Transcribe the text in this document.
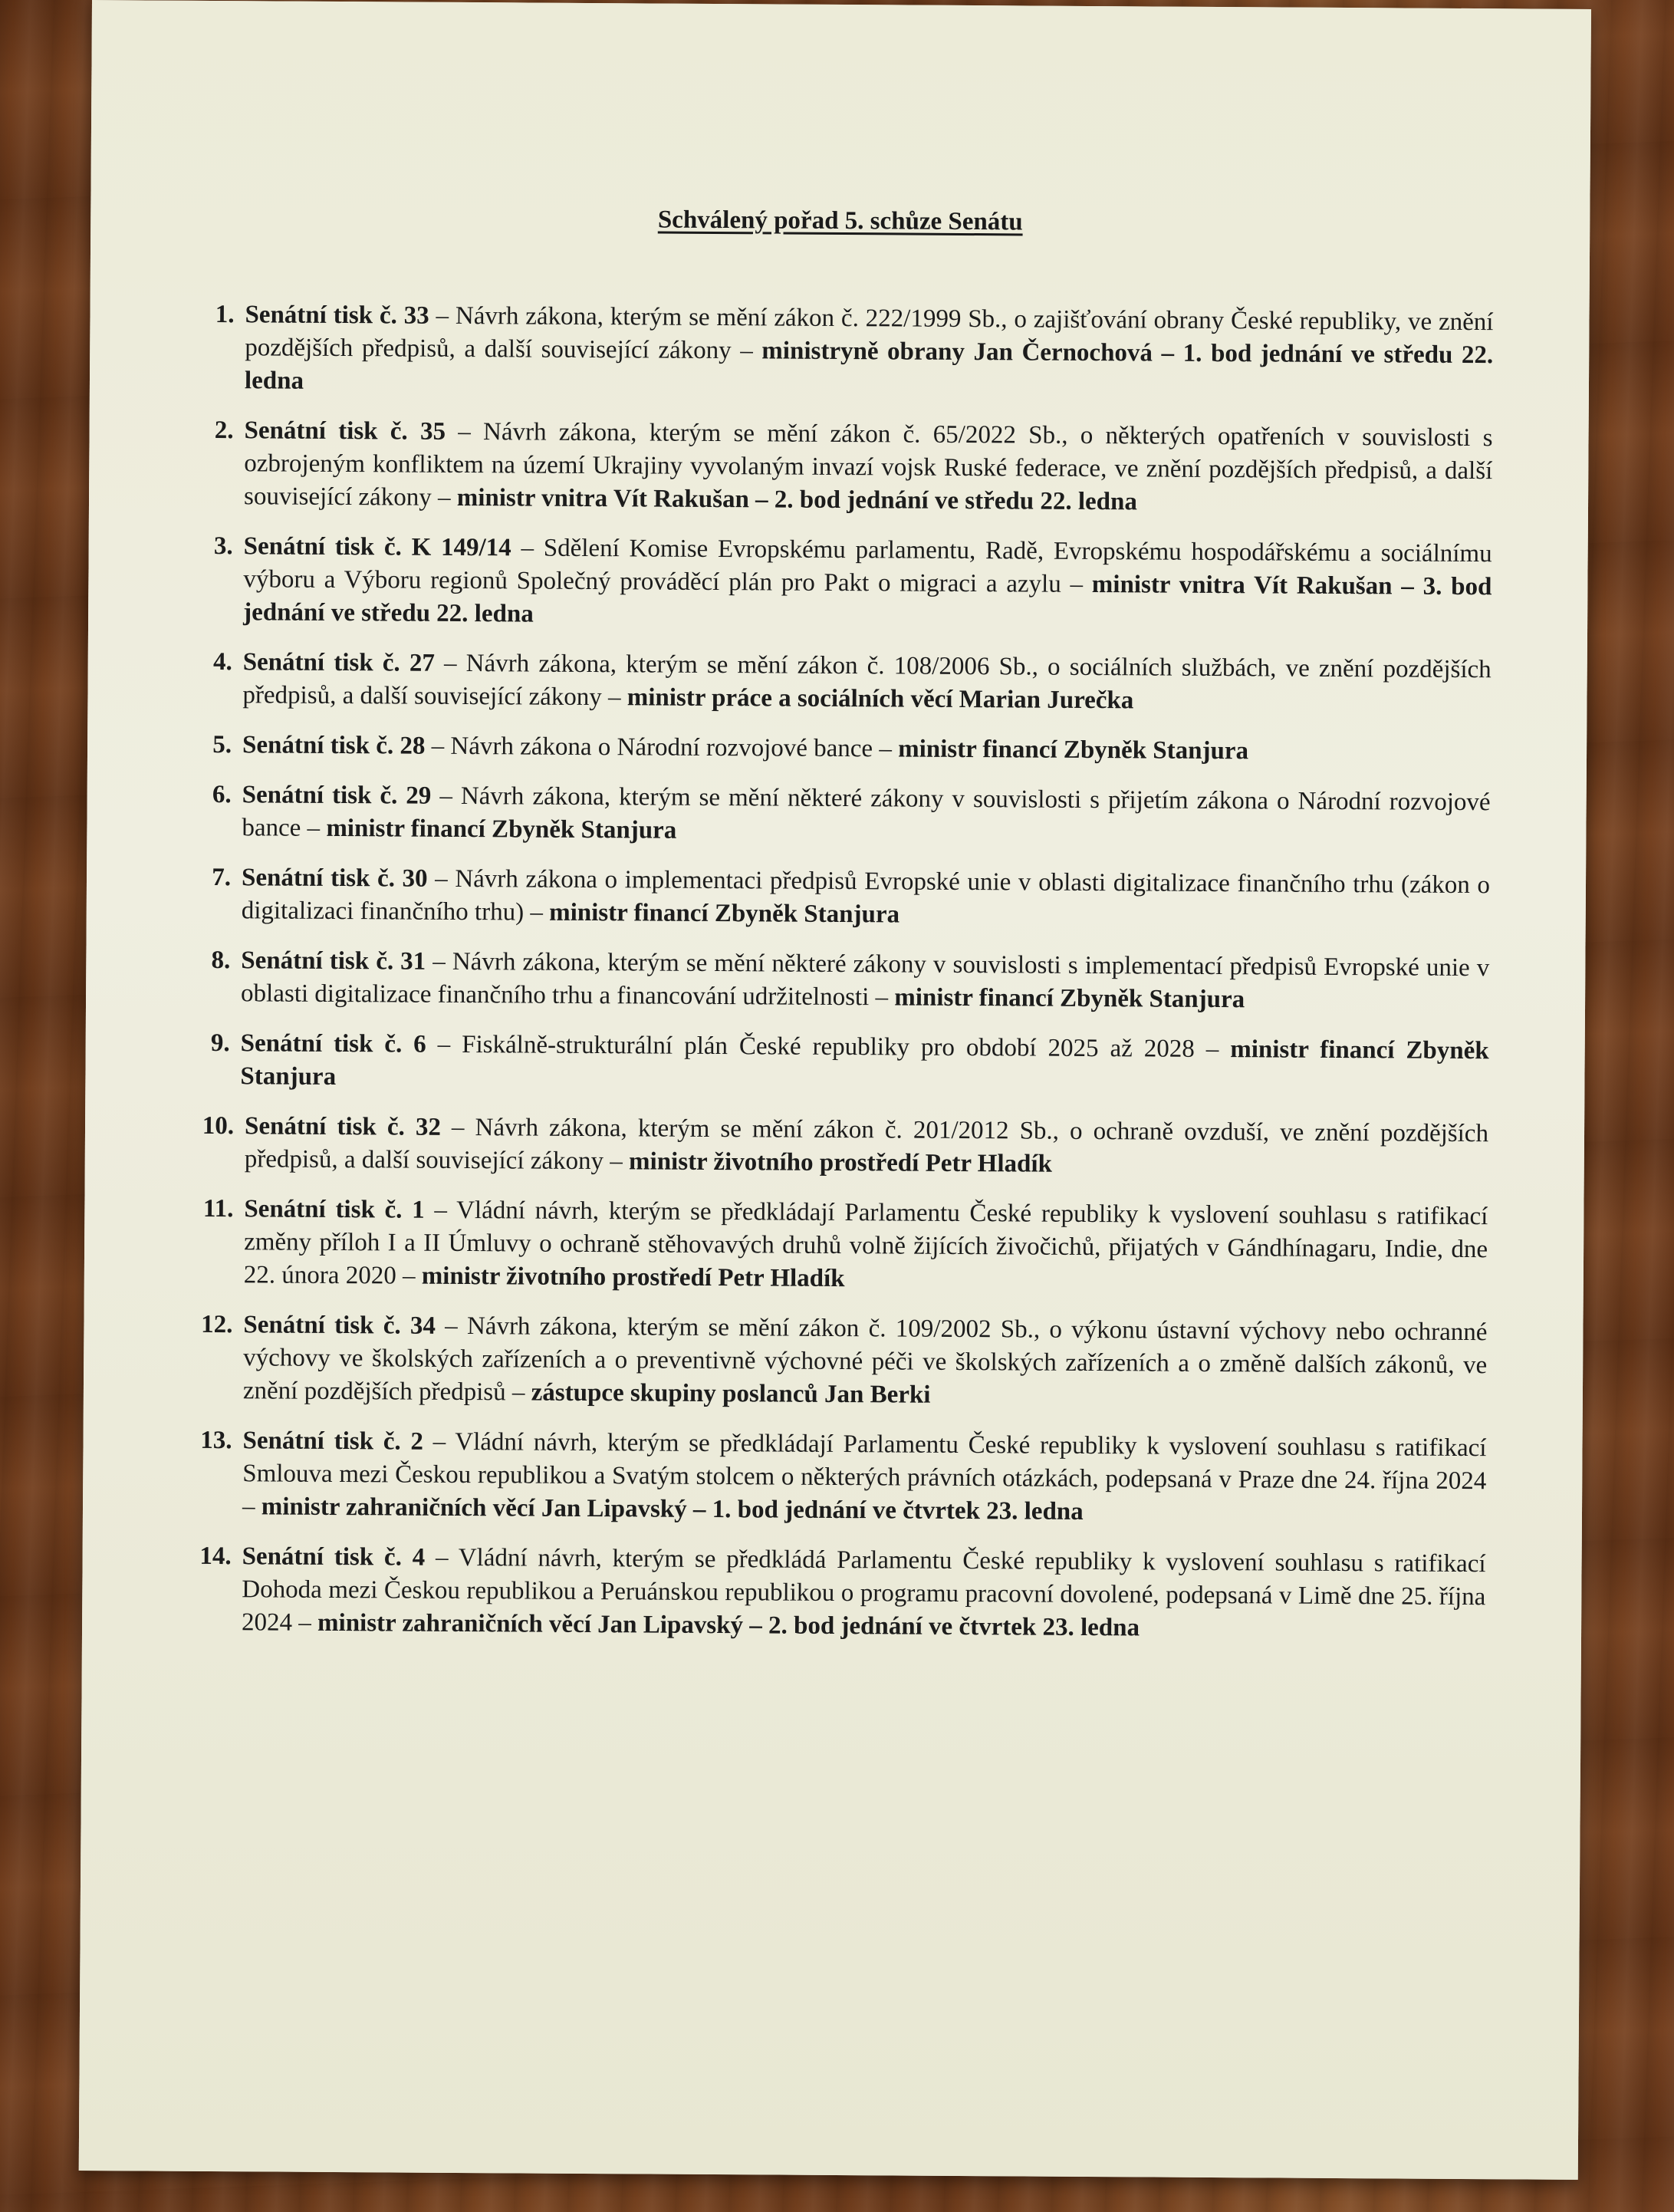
Schválený pořad 5. schůze Senátu
1. Senátní tisk č. 33 – Návrh zákona, kterým se mění zákon č. 222/1999 Sb., o zajišťování obrany České republiky, ve znění pozdějších předpisů, a další související zákony – ministryně obrany Jan Černochová – 1. bod jednání ve středu 22. ledna
2. Senátní tisk č. 35 – Návrh zákona, kterým se mění zákon č. 65/2022 Sb., o některých opatřeních v souvislosti s ozbrojeným konfliktem na území Ukrajiny vyvolaným invazí vojsk Ruské federace, ve znění pozdějších předpisů, a další související zákony – ministr vnitra Vít Rakušan – 2. bod jednání ve středu 22. ledna
3. Senátní tisk č. K 149/14 – Sdělení Komise Evropskému parlamentu, Radě, Evropskému hospodářskému a sociálnímu výboru a Výboru regionů Společný prováděcí plán pro Pakt o migraci a azylu – ministr vnitra Vít Rakušan – 3. bod jednání ve středu 22. ledna
4. Senátní tisk č. 27 – Návrh zákona, kterým se mění zákon č. 108/2006 Sb., o sociálních službách, ve znění pozdějších předpisů, a další související zákony – ministr práce a sociálních věcí Marian Jurečka
5. Senátní tisk č. 28 – Návrh zákona o Národní rozvojové bance – ministr financí Zbyněk Stanjura
6. Senátní tisk č. 29 – Návrh zákona, kterým se mění některé zákony v souvislosti s přijetím zákona o Národní rozvojové bance – ministr financí Zbyněk Stanjura
7. Senátní tisk č. 30 – Návrh zákona o implementaci předpisů Evropské unie v oblasti digitalizace finančního trhu (zákon o digitalizaci finančního trhu) – ministr financí Zbyněk Stanjura
8. Senátní tisk č. 31 – Návrh zákona, kterým se mění některé zákony v souvislosti s implementací předpisů Evropské unie v oblasti digitalizace finančního trhu a financování udržitelnosti – ministr financí Zbyněk Stanjura
9. Senátní tisk č. 6 – Fiskálně-strukturální plán České republiky pro období 2025 až 2028 – ministr financí Zbyněk Stanjura
10. Senátní tisk č. 32 – Návrh zákona, kterým se mění zákon č. 201/2012 Sb., o ochraně ovzduší, ve znění pozdějších předpisů, a další související zákony – ministr životního prostředí Petr Hladík
11. Senátní tisk č. 1 – Vládní návrh, kterým se předkládají Parlamentu České republiky k vyslovení souhlasu s ratifikací změny příloh I a II Úmluvy o ochraně stěhovavých druhů volně žijících živočichů, přijatých v Gándhínagaru, Indie, dne 22. února 2020 – ministr životního prostředí Petr Hladík
12. Senátní tisk č. 34 – Návrh zákona, kterým se mění zákon č. 109/2002 Sb., o výkonu ústavní výchovy nebo ochranné výchovy ve školských zařízeních a o preventivně výchovné péči ve školských zařízeních a o změně dalších zákonů, ve znění pozdějších předpisů – zástupce skupiny poslanců Jan Berki
13. Senátní tisk č. 2 – Vládní návrh, kterým se předkládají Parlamentu České republiky k vyslovení souhlasu s ratifikací Smlouva mezi Českou republikou a Svatým stolcem o některých právních otázkách, podepsaná v Praze dne 24. října 2024 – ministr zahraničních věcí Jan Lipavský – 1. bod jednání ve čtvrtek 23. ledna
14. Senátní tisk č. 4 – Vládní návrh, kterým se předkládá Parlamentu České republiky k vyslovení souhlasu s ratifikací Dohoda mezi Českou republikou a Peruánskou republikou o programu pracovní dovolené, podepsaná v Limě dne 25. října 2024 – ministr zahraničních věcí Jan Lipavský – 2. bod jednání ve čtvrtek 23. ledna
